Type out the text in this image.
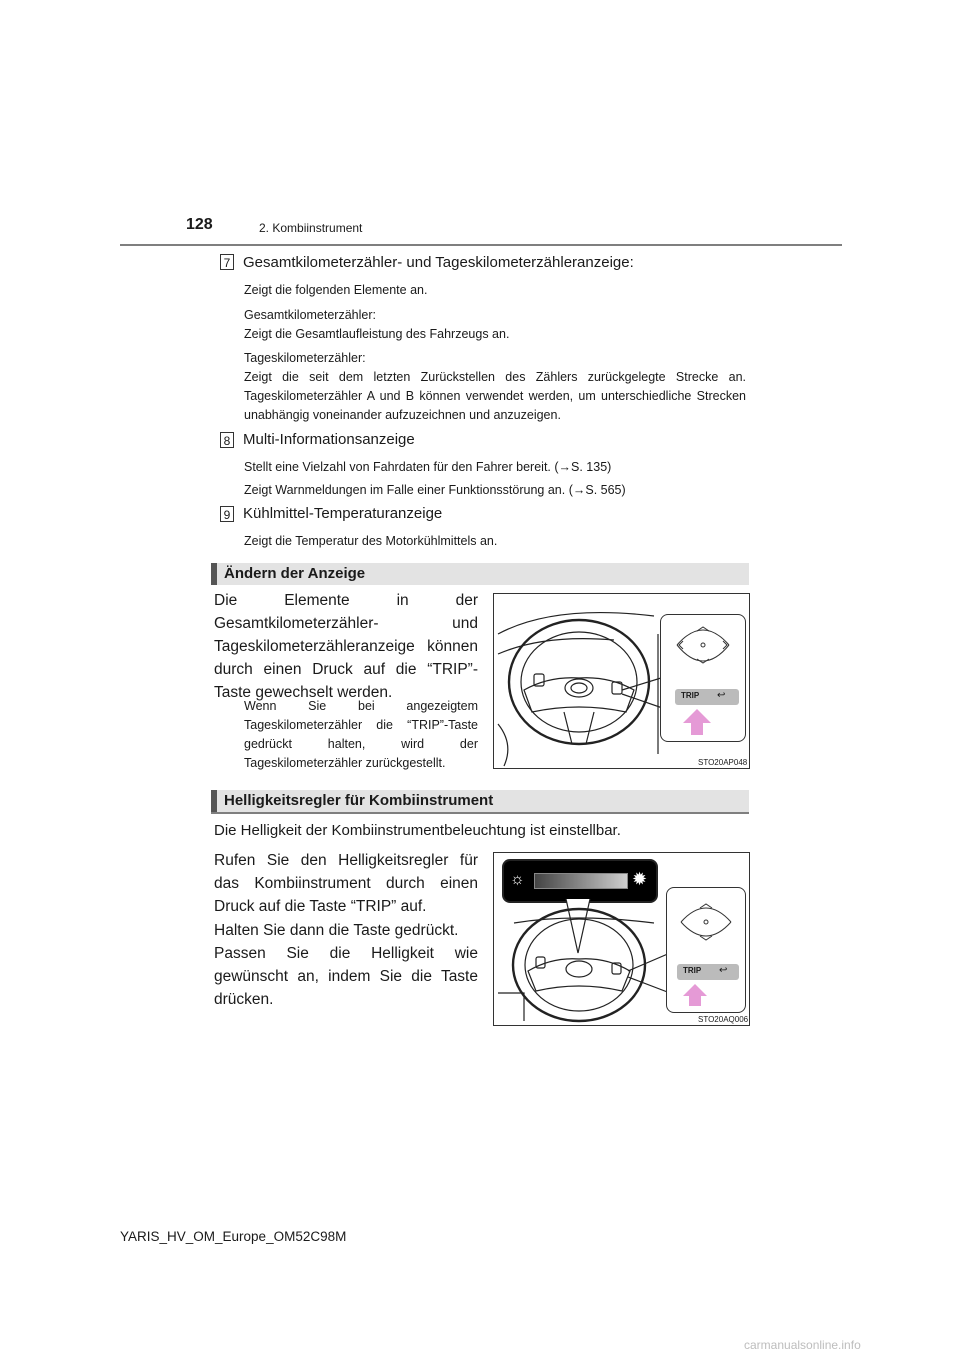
128	2. Kombiinstrument
7 Gesamtkilometerzähler- und Tageskilometerzähleranzeige:
Zeigt die folgenden Elemente an.
Gesamtkilometerzähler:
Zeigt die Gesamtlaufleistung des Fahrzeugs an.
Tageskilometerzähler:
Zeigt die seit dem letzten Zurückstellen des Zählers zurückgelegte Strecke an. Tageskilometerzähler A und B können verwendet werden, um unterschiedliche Strecken unabhängig voneinander aufzuzeichnen und anzuzeigen.
8 Multi-Informationsanzeige
Stellt eine Vielzahl von Fahrdaten für den Fahrer bereit. (→S. 135)
Zeigt Warnmeldungen im Falle einer Funktionsstörung an. (→S. 565)
9 Kühlmittel-Temperaturanzeige
Zeigt die Temperatur des Motorkühlmittels an.
Ändern der Anzeige
Die Elemente in der Gesamtkilometerzähler- und Tageskilometerzähleranzeige können durch einen Druck auf die “TRIP”-Taste gewechselt werden.
Wenn Sie bei angezeigtem Tageskilometerzähler die “TRIP”-Taste gedrückt halten, wird der Tageskilometerzähler zurückgestellt.
TRIP ↩
STO20AP048
Helligkeitsregler für Kombiinstrument
Die Helligkeit der Kombiinstrumentbeleuchtung ist einstellbar.
Rufen Sie den Helligkeitsregler für das Kombiinstrument durch einen Druck auf die Taste “TRIP” auf.
Halten Sie dann die Taste gedrückt.
Passen Sie die Helligkeit wie gewünscht an, indem Sie die Taste drücken.
☼	✹
TRIP ↩
STO20AQ006
YARIS_HV_OM_Europe_OM52C98M
carmanualsonline.info
